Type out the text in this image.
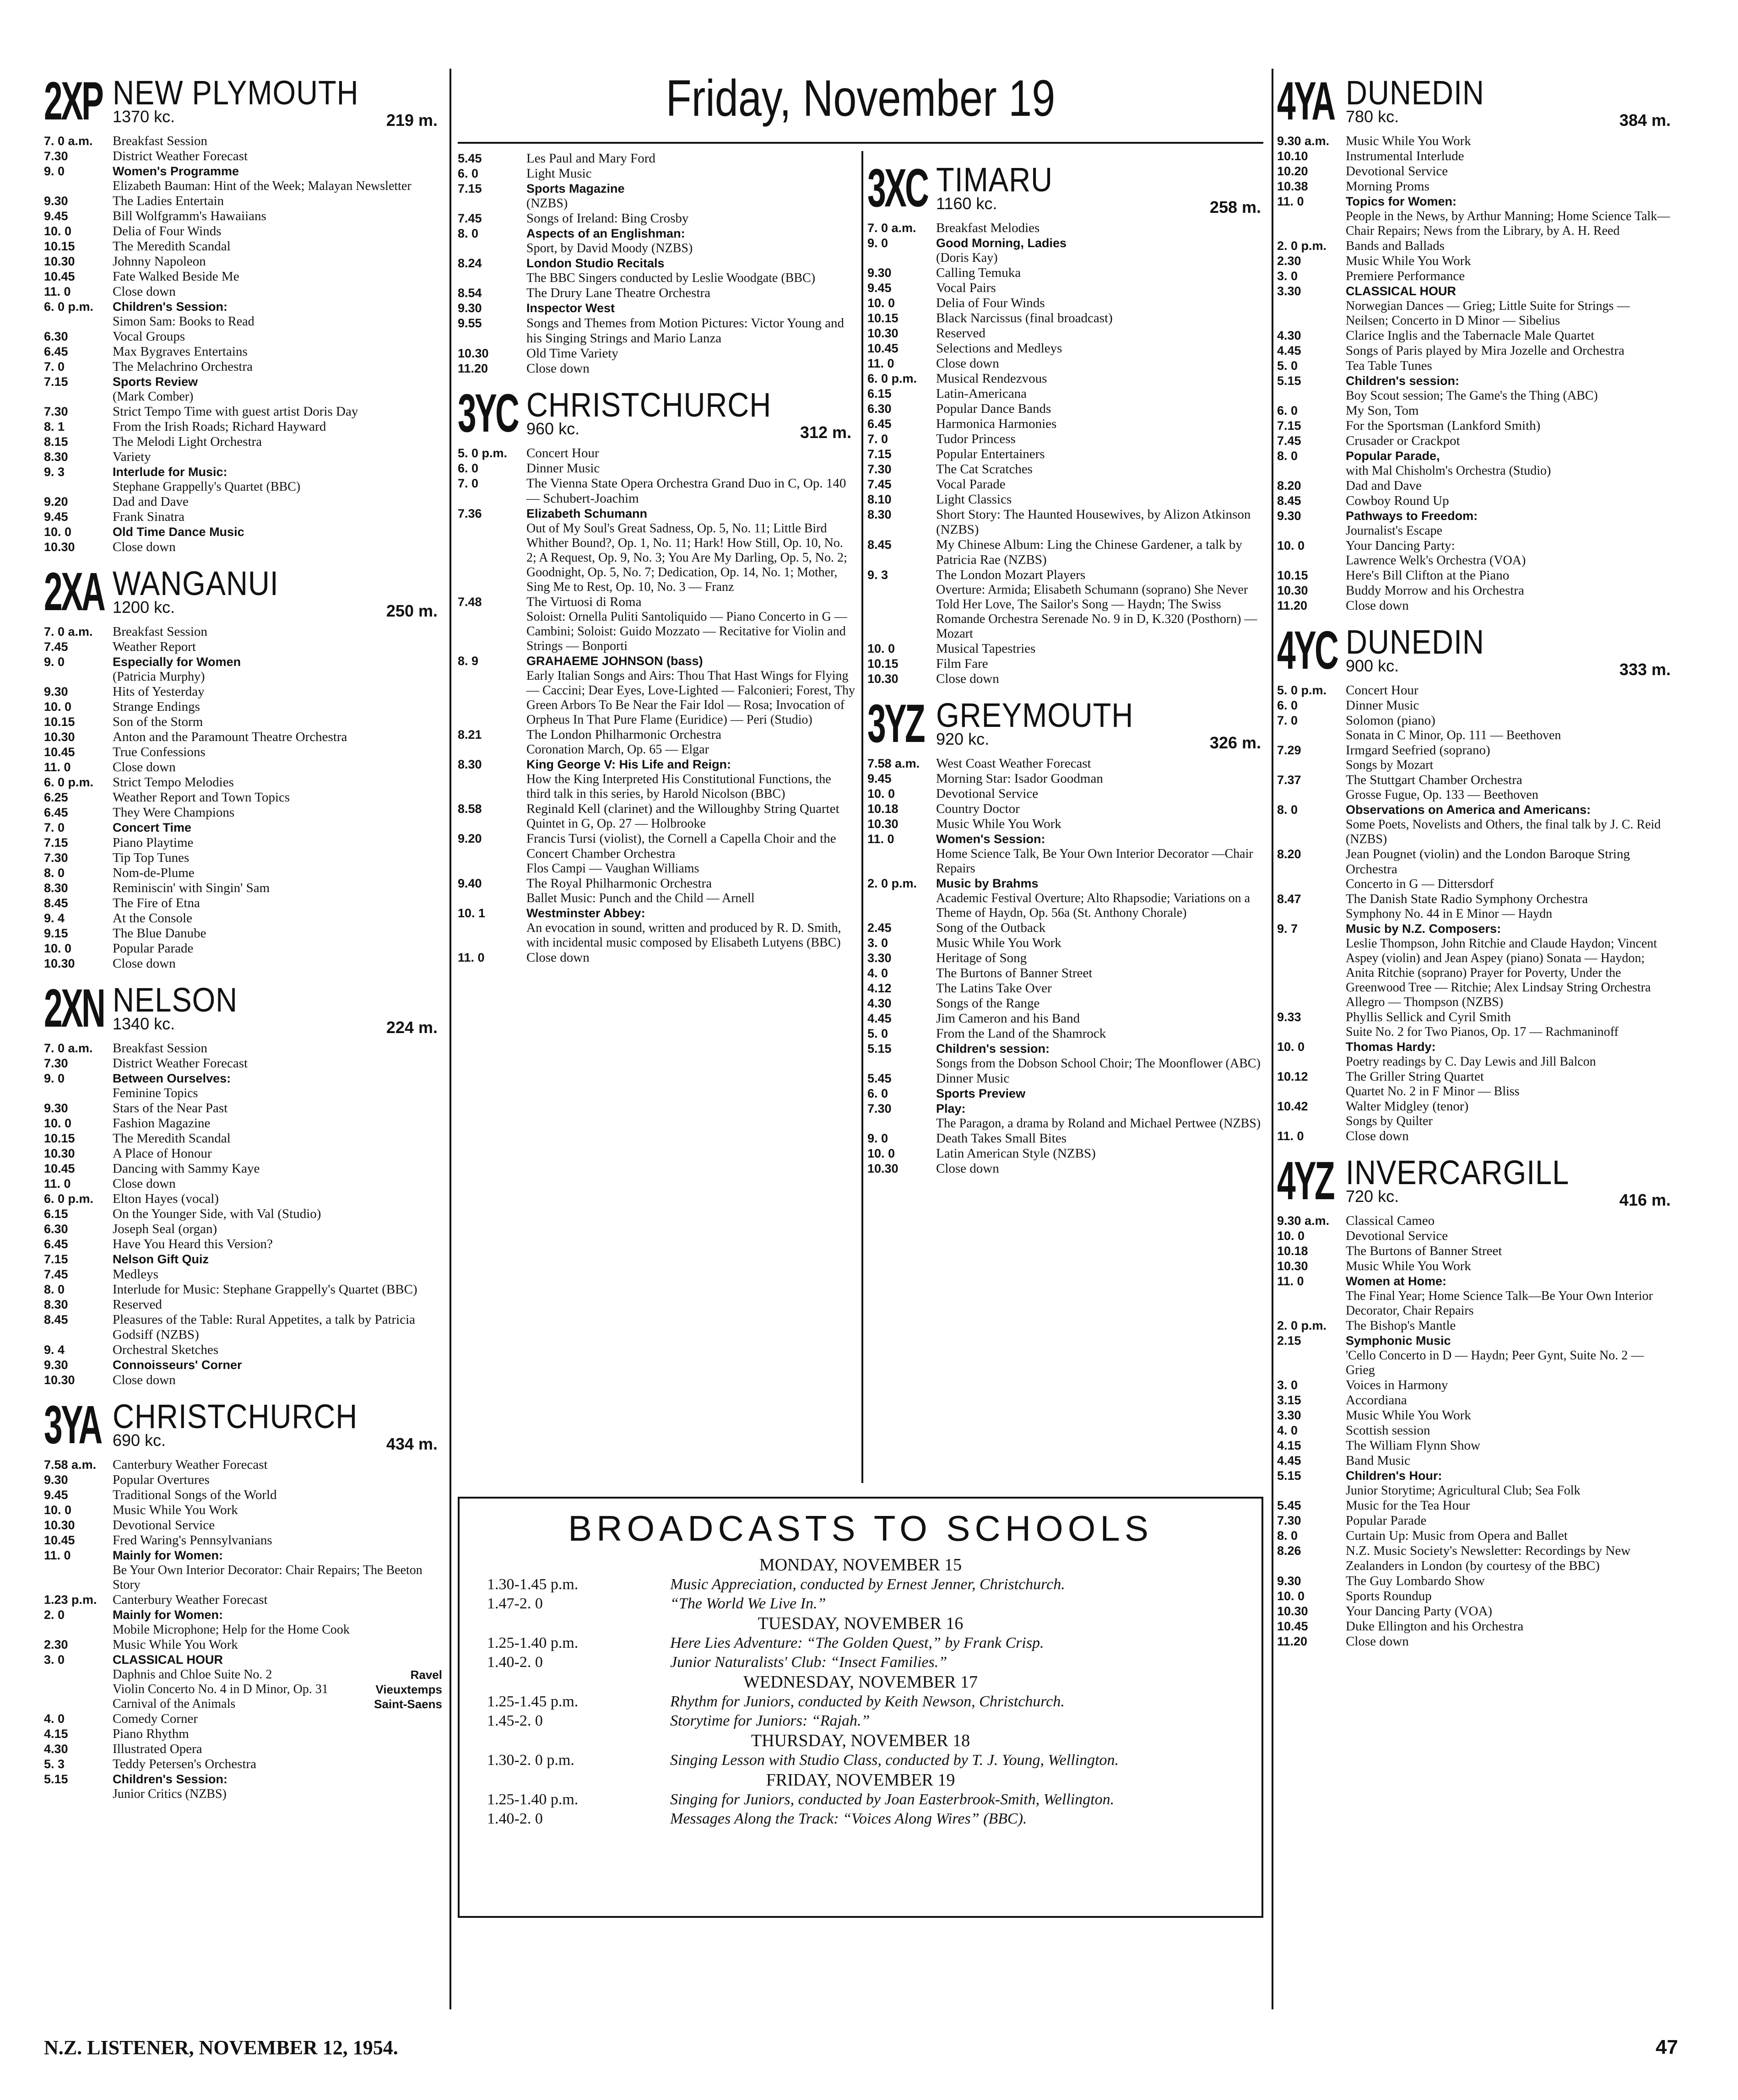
Friday, November 19
2XP NEW PLYMOUTH
1370 kc.	219 m.
7. 0 a.m.	Breakfast Session
7.30	District Weather Forecast
9. 0	Women's Programme
Elizabeth Bauman: Hint of the Week; Malayan Newsletter
9.30	The Ladies Entertain
9.45	Bill Wolfgramm's Hawaiians
10. 0	Delia of Four Winds
10.15	The Meredith Scandal
10.30	Johnny Napoleon
10.45	Fate Walked Beside Me
11. 0	Close down
6. 0 p.m.	Children's Session:
Simon Sam: Books to Read
6.30	Vocal Groups
6.45	Max Bygraves Entertains
7. 0	The Melachrino Orchestra
7.15	Sports Review
(Mark Comber)
7.30	Strict Tempo Time with guest artist Doris Day
8. 1	From the Irish Roads; Richard Hayward
8.15	The Melodi Light Orchestra
8.30	Variety
9. 3	Interlude for Music:
Stephane Grappelly's Quartet (BBC)
9.20	Dad and Dave
9.45	Frank Sinatra
10. 0	Old Time Dance Music
10.30	Close down
2XA WANGANUI
1200 kc.	250 m.
7. 0 a.m.	Breakfast Session
7.45	Weather Report
9. 0	Especially for Women
(Patricia Murphy)
9.30	Hits of Yesterday
10. 0	Strange Endings
10.15	Son of the Storm
10.30	Anton and the Paramount Theatre Orchestra
10.45	True Confessions
11. 0	Close down
6. 0 p.m.	Strict Tempo Melodies
6.25	Weather Report and Town Topics
6.45	They Were Champions
7. 0	Concert Time
7.15	Piano Playtime
7.30	Tip Top Tunes
8. 0	Nom-de-Plume
8.30	Reminiscin' with Singin' Sam
8.45	The Fire of Etna
9. 4	At the Console
9.15	The Blue Danube
10. 0	Popular Parade
10.30	Close down
2XN NELSON
1340 kc.	224 m.
7. 0 a.m.	Breakfast Session
7.30	District Weather Forecast
9. 0	Between Ourselves:
Feminine Topics
9.30	Stars of the Near Past
10. 0	Fashion Magazine
10.15	The Meredith Scandal
10.30	A Place of Honour
10.45	Dancing with Sammy Kaye
11. 0	Close down
6. 0 p.m.	Elton Hayes (vocal)
6.15	On the Younger Side, with Val (Studio)
6.30	Joseph Seal (organ)
6.45	Have You Heard this Version?
7.15	Nelson Gift Quiz
7.45	Medleys
8. 0	Interlude for Music: Stephane Grappelly's Quartet (BBC)
8.30	Reserved
8.45	Pleasures of the Table: Rural Appetites, a talk by Patricia Godsiff (NZBS)
9. 4	Orchestral Sketches
9.30	Connoisseurs' Corner
10.30	Close down
3YA CHRISTCHURCH
690 kc.	434 m.
7.58 a.m.	Canterbury Weather Forecast
9.30	Popular Overtures
9.45	Traditional Songs of the World
10. 0	Music While You Work
10.30	Devotional Service
10.45	Fred Waring's Pennsylvanians
11. 0	Mainly for Women:
Be Your Own Interior Decorator: Chair Repairs; The Beeton Story
1.23 p.m.	Canterbury Weather Forecast
2. 0	Mainly for Women:
Mobile Microphone; Help for the Home Cook
2.30	Music While You Work
3. 0	CLASSICAL HOUR
Daphnis and Chloe Suite No. 2	Ravel
Violin Concerto No. 4 in D Minor, Op. 31	Vieuxtemps
Carnival of the Animals	Saint-Saens
4. 0	Comedy Corner
4.15	Piano Rhythm
4.30	Illustrated Opera
5. 3	Teddy Petersen's Orchestra
5.15	Children's Session:
Junior Critics (NZBS)
5.45	Les Paul and Mary Ford
6. 0	Light Music
7.15	Sports Magazine
(NZBS)
7.45	Songs of Ireland: Bing Crosby
8. 0	Aspects of an Englishman:
Sport, by David Moody (NZBS)
8.24	London Studio Recitals
The BBC Singers conducted by Leslie Woodgate (BBC)
8.54	The Drury Lane Theatre Orchestra
9.30	Inspector West
9.55	Songs and Themes from Motion Pictures: Victor Young and his Singing Strings and Mario Lanza
10.30	Old Time Variety
11.20	Close down
3YC CHRISTCHURCH
960 kc.	312 m.
5. 0 p.m.	Concert Hour
6. 0	Dinner Music
7. 0	The Vienna State Opera Orchestra Grand Duo in C, Op. 140 — Schubert-Joachim
7.36	Elizabeth Schumann
Out of My Soul's Great Sadness, Op. 5, No. 11; Little Bird Whither Bound?, Op. 1, No. 11; Hark! How Still, Op. 10, No. 2; A Request, Op. 9, No. 3; You Are My Darling, Op. 5, No. 2; Goodnight, Op. 5, No. 7; Dedication, Op. 14, No. 1; Mother, Sing Me to Rest, Op. 10, No. 3 — Franz
7.48	The Virtuosi di Roma
Soloist: Ornella Puliti Santoliquido — Piano Concerto in G — Cambini; Soloist: Guido Mozzato — Recitative for Violin and Strings — Bonporti
8. 9	GRAHAEME JOHNSON (bass)
Early Italian Songs and Airs: Thou That Hast Wings for Flying — Caccini; Dear Eyes, Love-Lighted — Falconieri; Forest, Thy Green Arbors To Be Near the Fair Idol — Rosa; Invocation of Orpheus In That Pure Flame (Euridice) — Peri (Studio)
8.21	The London Philharmonic Orchestra
Coronation March, Op. 65 — Elgar
8.30	King George V: His Life and Reign:
How the King Interpreted His Constitutional Functions, the third talk in this series, by Harold Nicolson (BBC)
8.58	Reginald Kell (clarinet) and the Willoughby String Quartet
Quintet in G, Op. 27 — Holbrooke
9.20	Francis Tursi (violist), the Cornell a Capella Choir and the Concert Chamber Orchestra
Flos Campi — Vaughan Williams
9.40	The Royal Philharmonic Orchestra
Ballet Music: Punch and the Child — Arnell
10. 1	Westminster Abbey:
An evocation in sound, written and produced by R. D. Smith, with incidental music composed by Elisabeth Lutyens (BBC)
11. 0	Close down
3XC TIMARU
1160 kc.	258 m.
7. 0 a.m.	Breakfast Melodies
9. 0	Good Morning, Ladies
(Doris Kay)
9.30	Calling Temuka
9.45	Vocal Pairs
10. 0	Delia of Four Winds
10.15	Black Narcissus (final broadcast)
10.30	Reserved
10.45	Selections and Medleys
11. 0	Close down
6. 0 p.m.	Musical Rendezvous
6.15	Latin-Americana
6.30	Popular Dance Bands
6.45	Harmonica Harmonies
7. 0	Tudor Princess
7.15	Popular Entertainers
7.30	The Cat Scratches
7.45	Vocal Parade
8.10	Light Classics
8.30	Short Story: The Haunted Housewives, by Alizon Atkinson (NZBS)
8.45	My Chinese Album: Ling the Chinese Gardener, a talk by Patricia Rae (NZBS)
9. 3	The London Mozart Players
Overture: Armida; Elisabeth Schumann (soprano) She Never Told Her Love, The Sailor's Song — Haydn; The Swiss Romande Orchestra Serenade No. 9 in D, K.320 (Posthorn) — Mozart
10. 0	Musical Tapestries
10.15	Film Fare
10.30	Close down
3YZ GREYMOUTH
920 kc.	326 m.
7.58 a.m.	West Coast Weather Forecast
9.45	Morning Star: Isador Goodman
10. 0	Devotional Service
10.18	Country Doctor
10.30	Music While You Work
11. 0	Women's Session:
Home Science Talk, Be Your Own Interior Decorator —Chair Repairs
2. 0 p.m.	Music by Brahms
Academic Festival Overture; Alto Rhapsodie; Variations on a Theme of Haydn, Op. 56a (St. Anthony Chorale)
2.45	Song of the Outback
3. 0	Music While You Work
3.30	Heritage of Song
4. 0	The Burtons of Banner Street
4.12	The Latins Take Over
4.30	Songs of the Range
4.45	Jim Cameron and his Band
5. 0	From the Land of the Shamrock
5.15	Children's session:
Songs from the Dobson School Choir; The Moonflower (ABC)
5.45	Dinner Music
6. 0	Sports Preview
7.30	Play:
The Paragon, a drama by Roland and Michael Pertwee (NZBS)
9. 0	Death Takes Small Bites
10. 0	Latin American Style (NZBS)
10.30	Close down
4YA DUNEDIN
780 kc.	384 m.
9.30 a.m.	Music While You Work
10.10	Instrumental Interlude
10.20	Devotional Service
10.38	Morning Proms
11. 0	Topics for Women:
People in the News, by Arthur Manning; Home Science Talk—Chair Repairs; News from the Library, by A. H. Reed
2. 0 p.m.	Bands and Ballads
2.30	Music While You Work
3. 0	Premiere Performance
3.30	CLASSICAL HOUR
Norwegian Dances — Grieg; Little Suite for Strings — Neilsen; Concerto in D Minor — Sibelius
4.30	Clarice Inglis and the Tabernacle Male Quartet
4.45	Songs of Paris played by Mira Jozelle and Orchestra
5. 0	Tea Table Tunes
5.15	Children's session:
Boy Scout session; The Game's the Thing (ABC)
6. 0	My Son, Tom
7.15	For the Sportsman (Lankford Smith)
7.45	Crusader or Crackpot
8. 0	Popular Parade,
with Mal Chisholm's Orchestra (Studio)
8.20	Dad and Dave
8.45	Cowboy Round Up
9.30	Pathways to Freedom:
Journalist's Escape
10. 0	Your Dancing Party:
Lawrence Welk's Orchestra (VOA)
10.15	Here's Bill Clifton at the Piano
10.30	Buddy Morrow and his Orchestra
11.20	Close down
4YC DUNEDIN
900 kc.	333 m.
5. 0 p.m.	Concert Hour
6. 0	Dinner Music
7. 0	Solomon (piano)
Sonata in C Minor, Op. 111 — Beethoven
7.29	Irmgard Seefried (soprano)
Songs by Mozart
7.37	The Stuttgart Chamber Orchestra
Grosse Fugue, Op. 133 — Beethoven
8. 0	Observations on America and Americans:
Some Poets, Novelists and Others, the final talk by J. C. Reid (NZBS)
8.20	Jean Pougnet (violin) and the London Baroque String Orchestra
Concerto in G — Dittersdorf
8.47	The Danish State Radio Symphony Orchestra
Symphony No. 44 in E Minor — Haydn
9. 7	Music by N.Z. Composers:
Leslie Thompson, John Ritchie and Claude Haydon; Vincent Aspey (violin) and Jean Aspey (piano) Sonata — Haydon; Anita Ritchie (soprano) Prayer for Poverty, Under the Greenwood Tree — Ritchie; Alex Lindsay String Orchestra Allegro — Thompson (NZBS)
9.33	Phyllis Sellick and Cyril Smith
Suite No. 2 for Two Pianos, Op. 17 — Rachmaninoff
10. 0	Thomas Hardy:
Poetry readings by C. Day Lewis and Jill Balcon
10.12	The Griller String Quartet
Quartet No. 2 in F Minor — Bliss
10.42	Walter Midgley (tenor)
Songs by Quilter
11. 0	Close down
4YZ INVERCARGILL
720 kc.	416 m.
9.30 a.m.	Classical Cameo
10. 0	Devotional Service
10.18	The Burtons of Banner Street
10.30	Music While You Work
11. 0	Women at Home:
The Final Year; Home Science Talk—Be Your Own Interior Decorator, Chair Repairs
2. 0 p.m.	The Bishop's Mantle
2.15	Symphonic Music
'Cello Concerto in D — Haydn; Peer Gynt, Suite No. 2 — Grieg
3. 0	Voices in Harmony
3.15	Accordiana
3.30	Music While You Work
4. 0	Scottish session
4.15	The William Flynn Show
4.45	Band Music
5.15	Children's Hour:
Junior Storytime; Agricultural Club; Sea Folk
5.45	Music for the Tea Hour
7.30	Popular Parade
8. 0	Curtain Up: Music from Opera and Ballet
8.26	N.Z. Music Society's Newsletter: Recordings by New Zealanders in London (by courtesy of the BBC)
9.30	The Guy Lombardo Show
10. 0	Sports Roundup
10.30	Your Dancing Party (VOA)
10.45	Duke Ellington and his Orchestra
11.20	Close down
BROADCASTS TO SCHOOLS
MONDAY, NOVEMBER 15
1.30-1.45 p.m.	Music Appreciation, conducted by Ernest Jenner, Christchurch.
1.47-2. 0	“The World We Live In.”
TUESDAY, NOVEMBER 16
1.25-1.40 p.m.	Here Lies Adventure: “The Golden Quest,” by Frank Crisp.
1.40-2. 0	Junior Naturalists' Club: “Insect Families.”
WEDNESDAY, NOVEMBER 17
1.25-1.45 p.m.	Rhythm for Juniors, conducted by Keith Newson, Christchurch.
1.45-2. 0	Storytime for Juniors: “Rajah.”
THURSDAY, NOVEMBER 18
1.30-2. 0 p.m.	Singing Lesson with Studio Class, conducted by T. J. Young, Wellington.
FRIDAY, NOVEMBER 19
1.25-1.40 p.m.	Singing for Juniors, conducted by Joan Easterbrook-Smith, Wellington.
1.40-2. 0	Messages Along the Track: “Voices Along Wires” (BBC).
N.Z. LISTENER, NOVEMBER 12, 1954.	47
